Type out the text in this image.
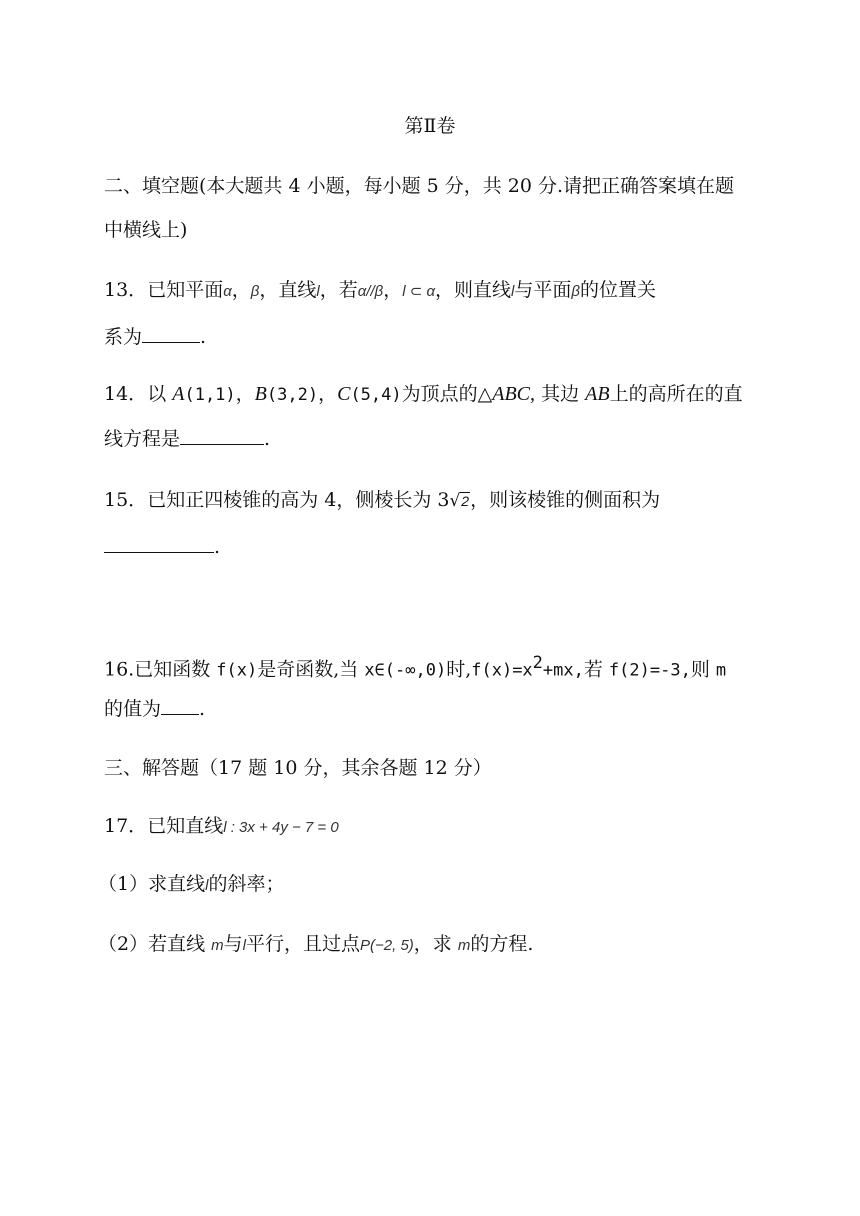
第Ⅱ卷
二、填空题(本大题共 4 小题，每小题 5 分，共 20 分.请把正确答案填在题
中横线上)
13．已知平面α，β，直线l，若α//β，l ⊂ α，则直线l与平面β的位置关
系为	.
14．以 A(1,1)，B(3,2)，C(5,4)为顶点的△ABC, 其边 AB上的高所在的直
线方程是	.
15．已知正四棱锥的高为 4，侧棱长为 3√2，则该棱锥的侧面积为
.
16.已知函数 f(x)是奇函数,当 x∈(-∞,0)时$,f(x)=x^2+mx$,若 f(2)=-3,则 m
的值为 .
三、解答题（17 题 10 分，其余各题 12 分）
17．已知直线l : 3x + 4y − 7 = 0
（1）求直线l的斜率；
（2）若直线 m与l平行，且过点P(−2, 5)，求 m的方程.
